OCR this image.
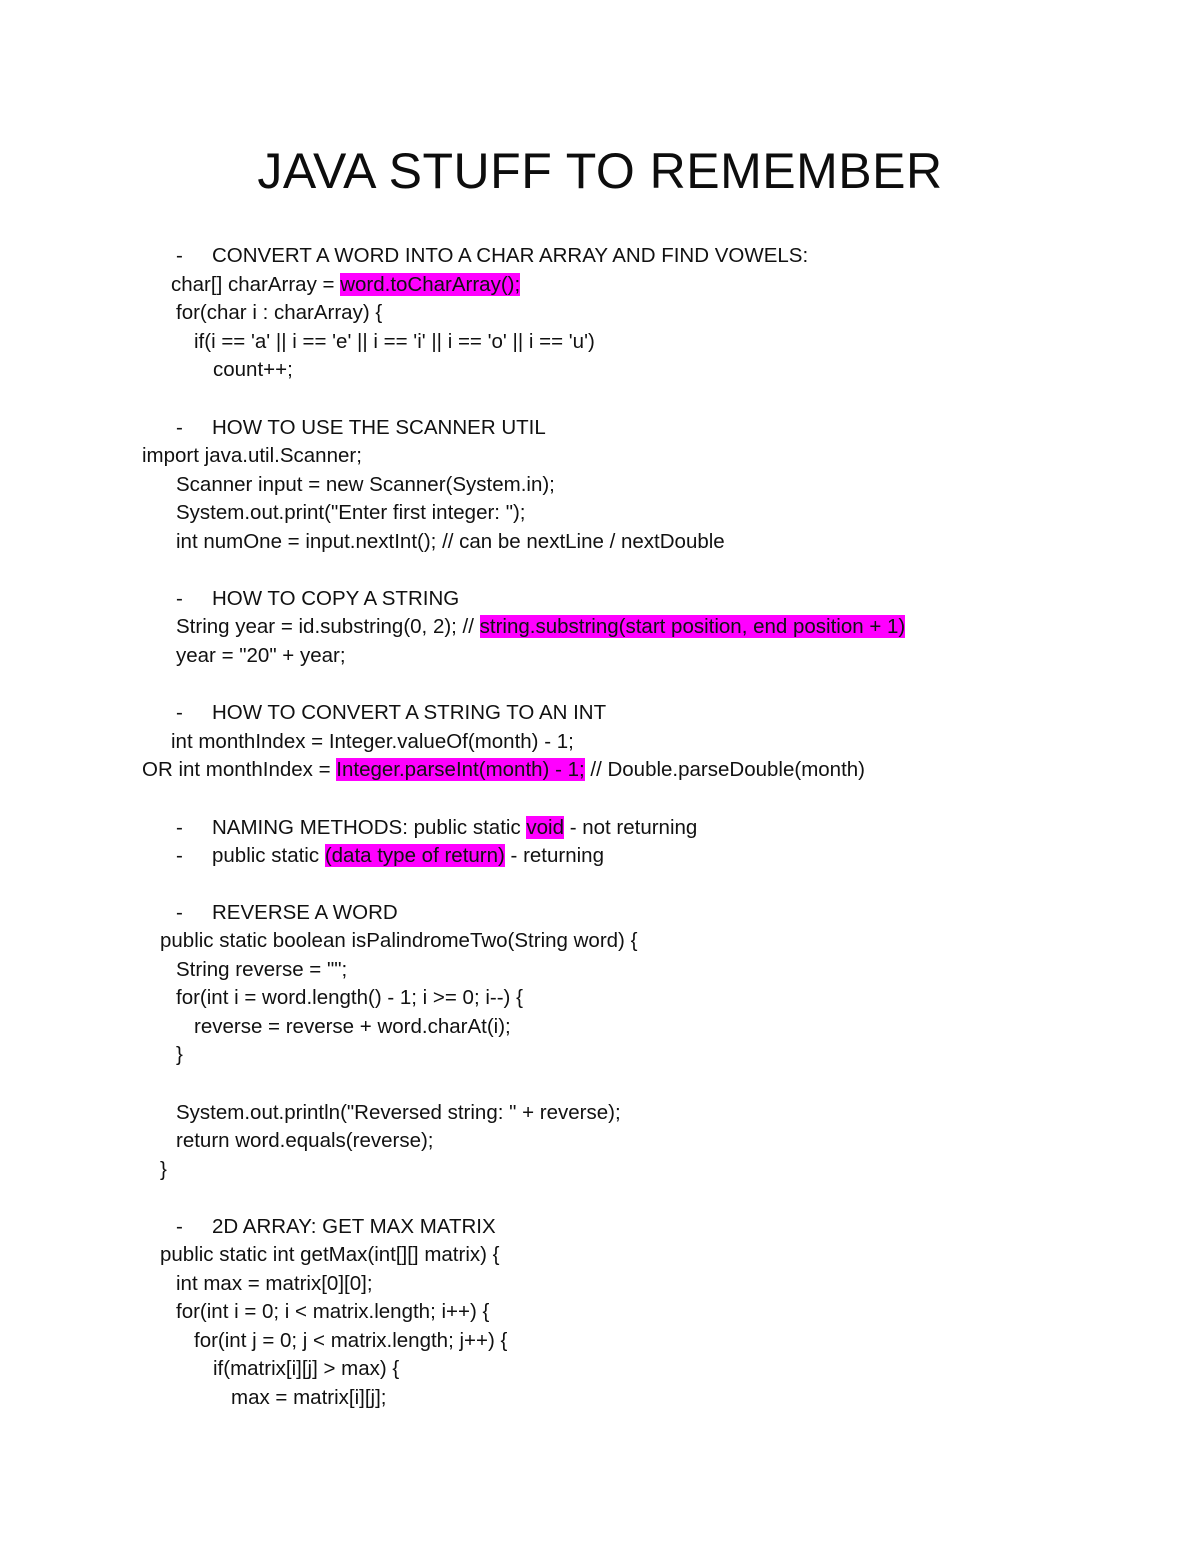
JAVA STUFF TO REMEMBER
- CONVERT A WORD INTO A CHAR ARRAY AND FIND VOWELS:
char[] charArray = word.toCharArray();
for(char i : charArray) {
if(i == 'a' || i == 'e' || i == 'i' || i == 'o' || i == 'u')
count++;
- HOW TO USE THE SCANNER UTIL
import java.util.Scanner;
Scanner input = new Scanner(System.in);
System.out.print("Enter first integer: ");
int numOne = input.nextInt(); // can be nextLine / nextDouble
- HOW TO COPY A STRING
String year = id.substring(0, 2); // string.substring(start position, end position + 1)
year = "20" + year;
- HOW TO CONVERT A STRING TO AN INT
int monthIndex = Integer.valueOf(month) - 1;
OR int monthIndex = Integer.parseInt(month) - 1; // Double.parseDouble(month)
- NAMING METHODS: public static void - not returning
- public static (data type of return) - returning
- REVERSE A WORD
public static boolean isPalindromeTwo(String word) {
String reverse = "";
for(int i = word.length() - 1; i >= 0; i--) {
reverse = reverse + word.charAt(i);
}
System.out.println("Reversed string: " + reverse);
return word.equals(reverse);
}
- 2D ARRAY: GET MAX MATRIX
public static int getMax(int[][] matrix) {
int max = matrix[0][0];
for(int i = 0; i < matrix.length; i++) {
for(int j = 0; j < matrix.length; j++) {
if(matrix[i][j] > max) {
max = matrix[i][j];
